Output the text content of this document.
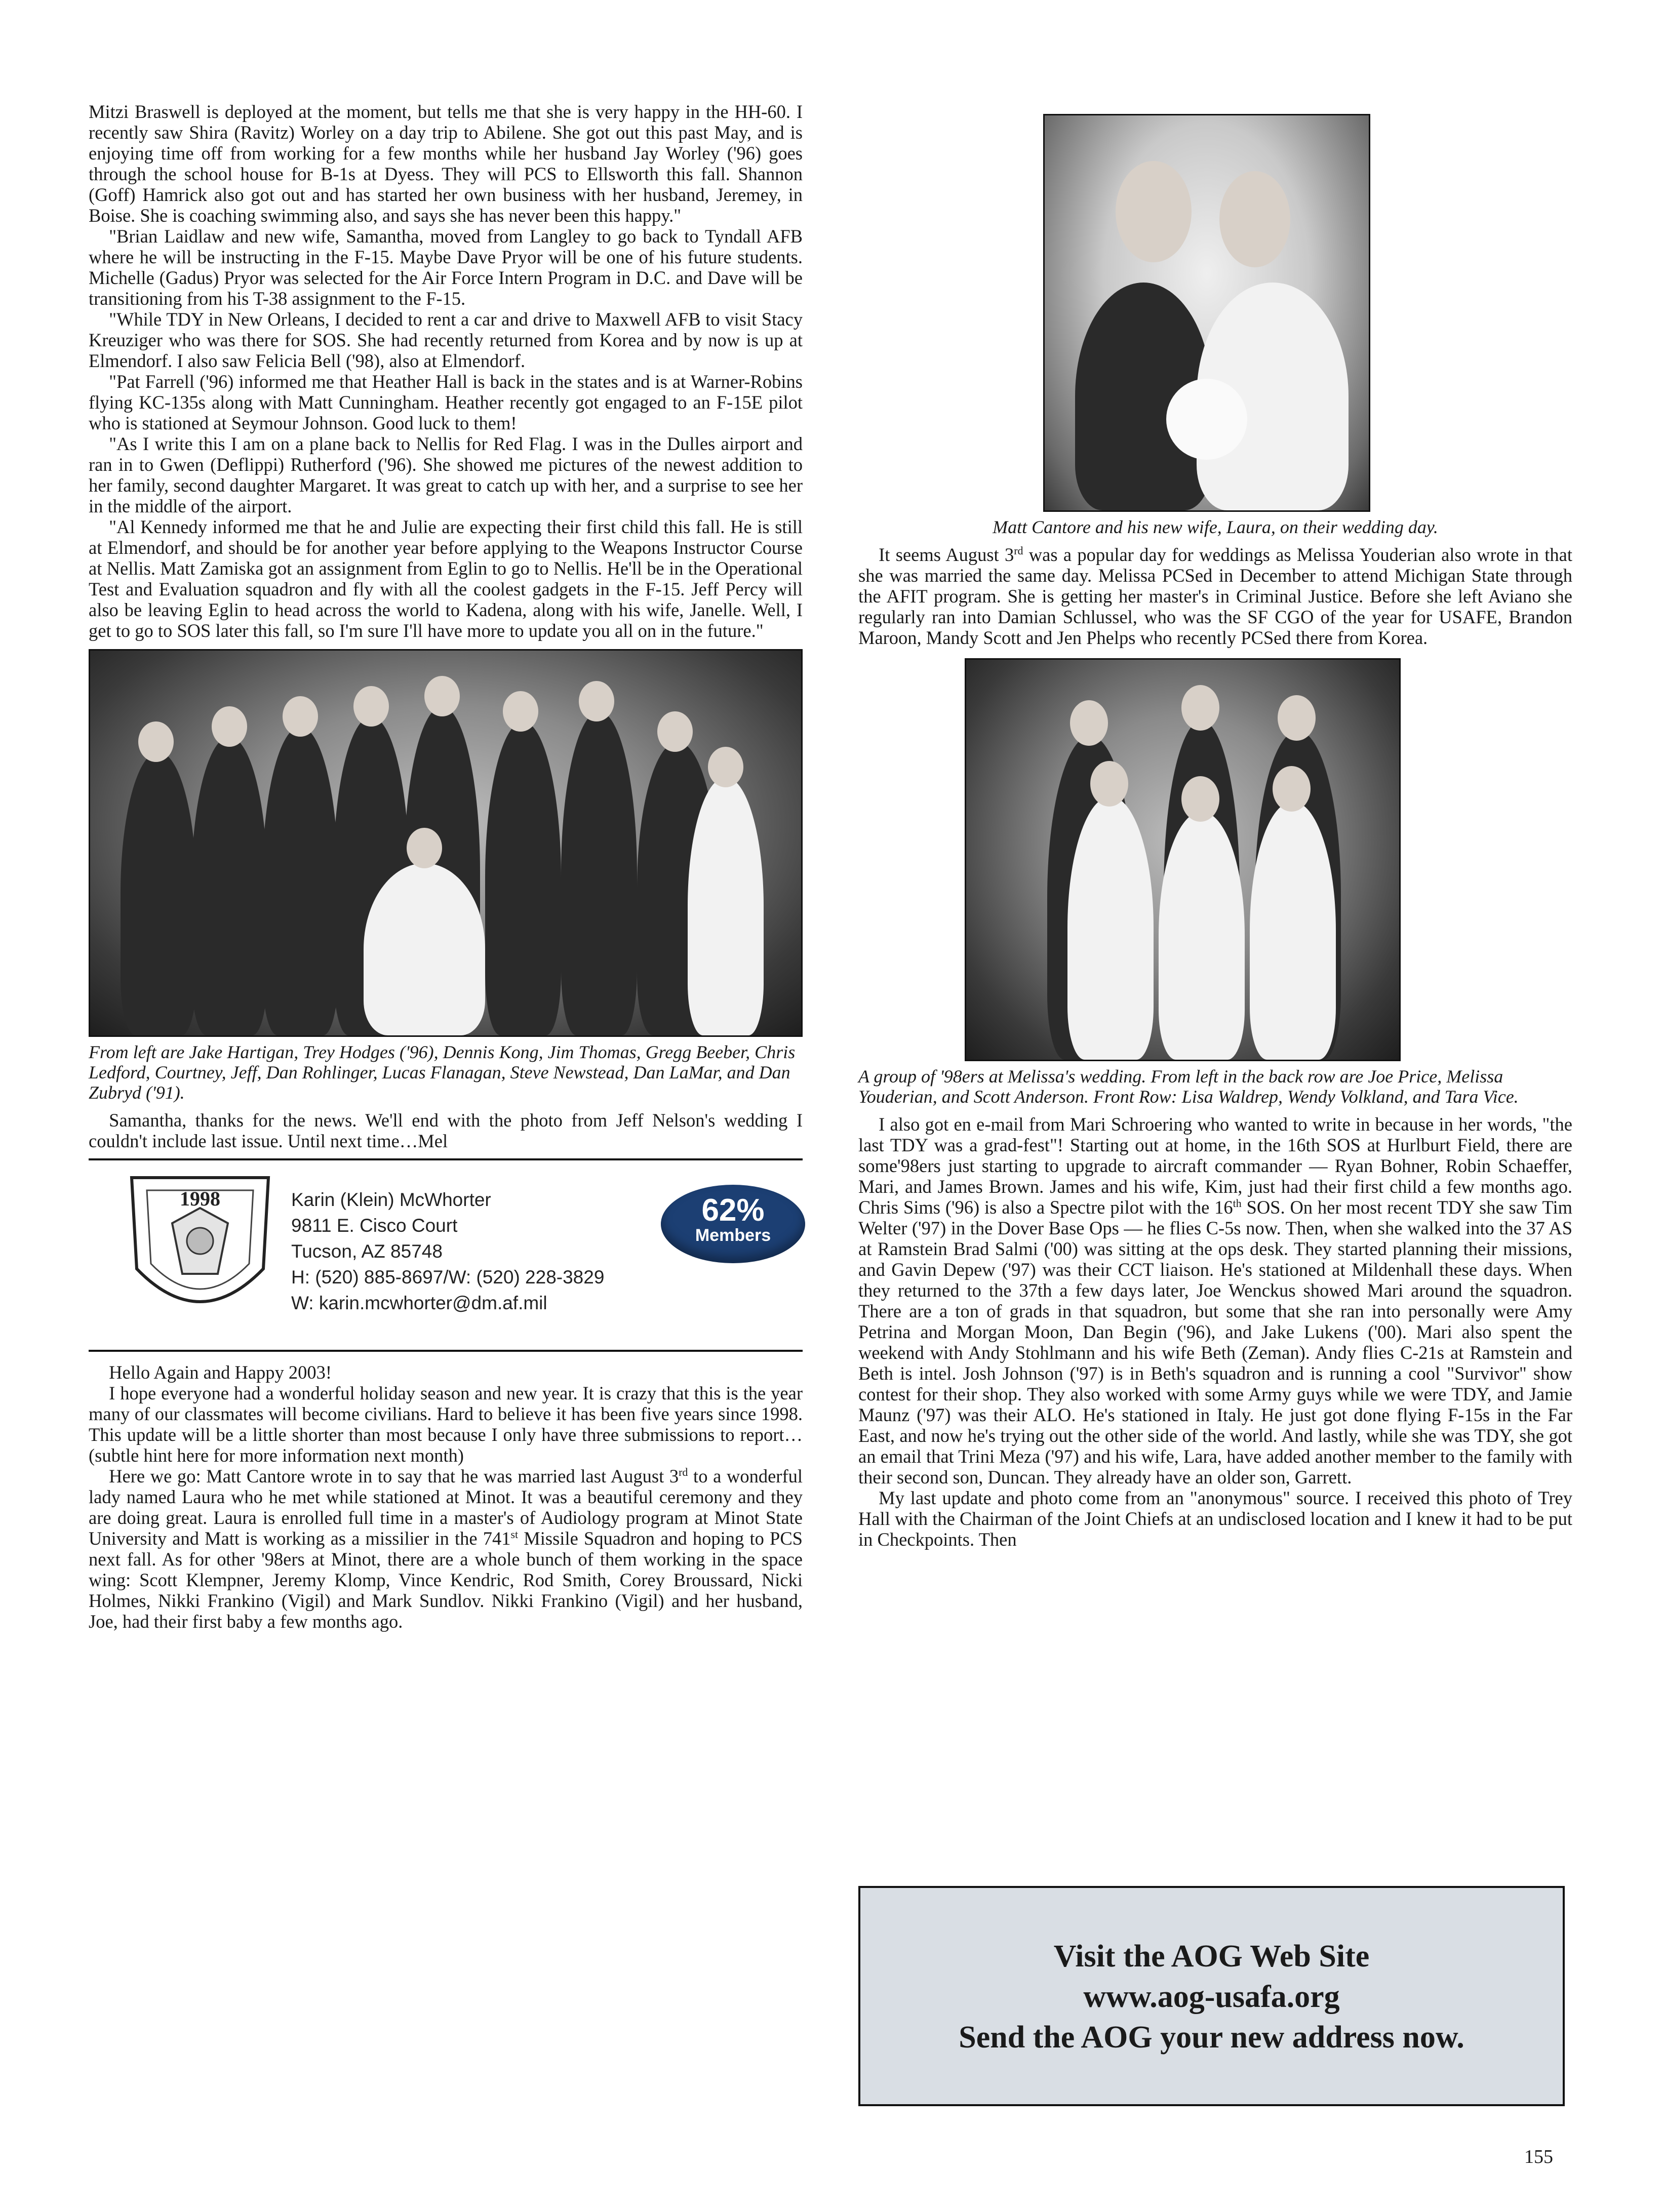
Mitzi Braswell is deployed at the moment, but tells me that she is very happy in the HH-60. I recently saw Shira (Ravitz) Worley on a day trip to Abilene. She got out this past May, and is enjoying time off from working for a few months while her husband Jay Worley ('96) goes through the school house for B-1s at Dyess. They will PCS to Ellsworth this fall. Shannon (Goff) Hamrick also got out and has started her own business with her husband, Jeremey, in Boise. She is coaching swimming also, and says she has never been this happy."

"Brian Laidlaw and new wife, Samantha, moved from Langley to go back to Tyndall AFB where he will be instructing in the F-15. Maybe Dave Pryor will be one of his future students. Michelle (Gadus) Pryor was selected for the Air Force Intern Program in D.C. and Dave will be transitioning from his T-38 assignment to the F-15.

"While TDY in New Orleans, I decided to rent a car and drive to Maxwell AFB to visit Stacy Kreuziger who was there for SOS. She had recently returned from Korea and by now is up at Elmendorf. I also saw Felicia Bell ('98), also at Elmendorf.

"Pat Farrell ('96) informed me that Heather Hall is back in the states and is at Warner-Robins flying KC-135s along with Matt Cunningham. Heather recently got engaged to an F-15E pilot who is stationed at Seymour Johnson. Good luck to them!

"As I write this I am on a plane back to Nellis for Red Flag. I was in the Dulles airport and ran in to Gwen (Deflippi) Rutherford ('96). She showed me pictures of the newest addition to her family, second daughter Margaret. It was great to catch up with her, and a surprise to see her in the middle of the airport.

"Al Kennedy informed me that he and Julie are expecting their first child this fall. He is still at Elmendorf, and should be for another year before applying to the Weapons Instructor Course at Nellis. Matt Zamiska got an assignment from Eglin to go to Nellis. He'll be in the Operational Test and Evaluation squadron and fly with all the coolest gadgets in the F-15. Jeff Percy will also be leaving Eglin to head across the world to Kadena, along with his wife, Janelle. Well, I get to go to SOS later this fall, so I'm sure I'll have more to update you all on in the future."

From left are Jake Hartigan, Trey Hodges ('96), Dennis Kong, Jim Thomas, Gregg Beeber, Chris Ledford, Courtney, Jeff, Dan Rohlinger, Lucas Flanagan, Steve Newstead, Dan LaMar, and Dan Zubryd ('91).

Samantha, thanks for the news. We'll end with the photo from Jeff Nelson's wedding I couldn't include last issue. Until next time…Mel

1998	Karin (Klein) McWhorter
9811 E. Cisco Court
Tucson, AZ 85748
H: (520) 885-8697/W: (520) 228-3829
W: karin.mcwhorter@dm.af.mil
62%
Members

Hello Again and Happy 2003!

I hope everyone had a wonderful holiday season and new year. It is crazy that this is the year many of our classmates will become civilians. Hard to believe it has been five years since 1998. This update will be a little shorter than most because I only have three submissions to report…(subtle hint here for more information next month)

Here we go: Matt Cantore wrote in to say that he was married last August 3rd to a wonderful lady named Laura who he met while stationed at Minot. It was a beautiful ceremony and they are doing great. Laura is enrolled full time in a master's of Audiology program at Minot State University and Matt is working as a missilier in the 741st Missile Squadron and hoping to PCS next fall. As for other '98ers at Minot, there are a whole bunch of them working in the space wing: Scott Klempner, Jeremy Klomp, Vince Kendric, Rod Smith, Corey Broussard, Nicki Holmes, Nikki Frankino (Vigil) and Mark Sundlov. Nikki Frankino (Vigil) and her husband, Joe, had their first baby a few months ago.

Matt Cantore and his new wife, Laura, on their wedding day.

It seems August 3rd was a popular day for weddings as Melissa Youderian also wrote in that she was married the same day. Melissa PCSed in December to attend Michigan State through the AFIT program. She is getting her master's in Criminal Justice. Before she left Aviano she regularly ran into Damian Schlussel, who was the SF CGO of the year for USAFE, Brandon Maroon, Mandy Scott and Jen Phelps who recently PCSed there from Korea.

A group of '98ers at Melissa's wedding. From left in the back row are Joe Price, Melissa Youderian, and Scott Anderson. Front Row: Lisa Waldrep, Wendy Volkland, and Tara Vice.

I also got en e-mail from Mari Schroering who wanted to write in because in her words, "the last TDY was a grad-fest"! Starting out at home, in the 16th SOS at Hurlburt Field, there are some'98ers just starting to upgrade to aircraft commander — Ryan Bohner, Robin Schaeffer, Mari, and James Brown. James and his wife, Kim, just had their first child a few months ago. Chris Sims ('96) is also a Spectre pilot with the 16th SOS. On her most recent TDY she saw Tim Welter ('97) in the Dover Base Ops — he flies C-5s now. Then, when she walked into the 37 AS at Ramstein Brad Salmi ('00) was sitting at the ops desk. They started planning their missions, and Gavin Depew ('97) was their CCT liaison. He's stationed at Mildenhall these days. When they returned to the 37th a few days later, Joe Wenckus showed Mari around the squadron. There are a ton of grads in that squadron, but some that she ran into personally were Amy Petrina and Morgan Moon, Dan Begin ('96), and Jake Lukens ('00). Mari also spent the weekend with Andy Stohlmann and his wife Beth (Zeman). Andy flies C-21s at Ramstein and Beth is intel. Josh Johnson ('97) is in Beth's squadron and is running a cool "Survivor" show contest for their shop. They also worked with some Army guys while we were TDY, and Jamie Maunz ('97) was their ALO. He's stationed in Italy. He just got done flying F-15s in the Far East, and now he's trying out the other side of the world. And lastly, while she was TDY, she got an email that Trini Meza ('97) and his wife, Lara, have added another member to the family with their second son, Duncan. They already have an older son, Garrett.

My last update and photo come from an "anonymous" source. I received this photo of Trey Hall with the Chairman of the Joint Chiefs at an undisclosed location and I knew it had to be put in Checkpoints. Then

Visit the AOG Web Site
www.aog-usafa.org
Send the AOG your new address now.
155
